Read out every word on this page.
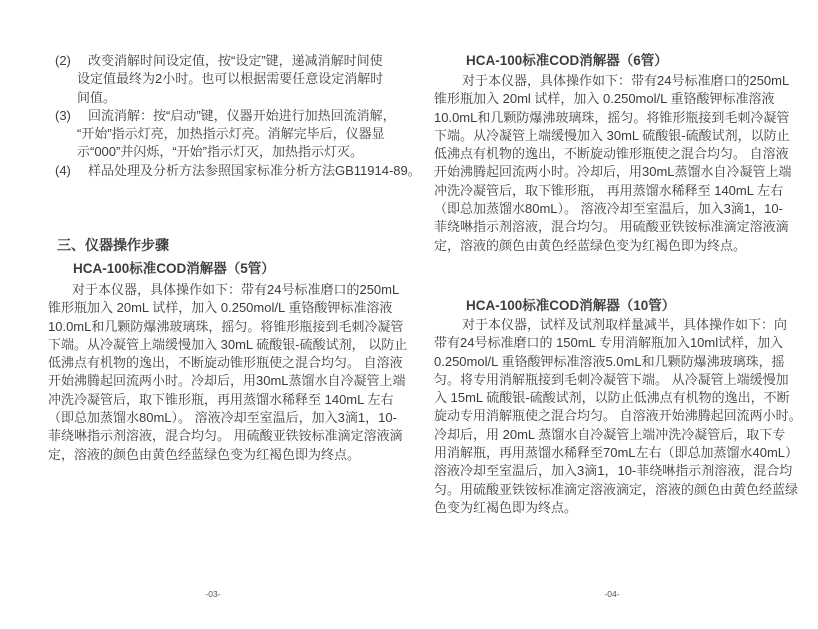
(2) 改变消解时间设定值，按“设定”键，递减消解时间使
设定值最终为2小时。也可以根据需要任意设定消解时
间值。
(3) 回流消解：按“启动”键，仪器开始进行加热回流消解，
“开始”指示灯亮，加热指示灯亮。消解完毕后，仪器显
示“000”并闪烁，“开始”指示灯灭，加热指示灯灭。
(4) 样品处理及分析方法参照国家标准分析方法GB11914-89。
三、仪器操作步骤
HCA-100标准COD消解器（5管）
对于本仪器，具体操作如下：带有24号标准磨口的250mL
锥形瓶加入 20mL 试样，加入 0.250mol/L 重铬酸钾标准溶液
10.0mL和几颗防爆沸玻璃珠，摇匀。将锥形瓶接到毛刺冷凝管
下端。从冷凝管上端缓慢加入 30mL 硫酸银-硫酸试剂， 以防止
低沸点有机物的逸出，不断旋动锥形瓶使之混合均匀。 自溶液
开始沸腾起回流两小时。冷却后，用30mL蒸馏水自冷凝管上端
冲洗冷凝管后，取下锥形瓶，再用蒸馏水稀释至 140mL 左右
（即总加蒸馏水80mL）。 溶液冷却至室温后，加入3滴1，10-
菲绕啉指示剂溶液，混合均匀。 用硫酸亚铁铵标准滴定溶液滴
定，溶液的颜色由黄色经蓝绿色变为红褐色即为终点。
-03-
HCA-100标准COD消解器（6管）
对于本仪器，具体操作如下：带有24号标准磨口的250mL
锥形瓶加入 20ml 试样，加入 0.250mol/L 重铬酸钾标准溶液
10.0mL和几颗防爆沸玻璃珠，摇匀。将锥形瓶接到毛刺冷凝管
下端。从冷凝管上端缓慢加入 30mL 硫酸银-硫酸试剂，以防止
低沸点有机物的逸出，不断旋动锥形瓶使之混合均匀。 自溶液
开始沸腾起回流两小时。冷却后，用30mL蒸馏水自冷凝管上端
冲洗冷凝管后，取下锥形瓶， 再用蒸馏水稀释至 140mL 左右
（即总加蒸馏水80mL）。 溶液冷却至室温后，加入3滴1，10-
菲绕啉指示剂溶液，混合均匀。 用硫酸亚铁铵标准滴定溶液滴
定，溶液的颜色由黄色经蓝绿色变为红褐色即为终点。
HCA-100标准COD消解器（10管）
对于本仪器，试样及试剂取样量减半，具体操作如下：向
带有24号标准磨口的 150mL 专用消解瓶加入10ml试样，加入
0.250mol/L 重铬酸钾标准溶液5.0mL和几颗防爆沸玻璃珠，摇
匀。将专用消解瓶接到毛刺冷凝管下端。 从冷凝管上端缓慢加
入 15mL 硫酸银-硫酸试剂，以防止低沸点有机物的逸出，不断
旋动专用消解瓶使之混合均匀。 自溶液开始沸腾起回流两小时。
冷却后，用 20mL 蒸馏水自冷凝管上端冲洗冷凝管后，取下专
用消解瓶，再用蒸馏水稀释至70mL左右（即总加蒸馏水40mL）
溶液冷却至室温后，加入3滴1，10-菲绕啉指示剂溶液，混合均
匀。用硫酸亚铁铵标准滴定溶液滴定，溶液的颜色由黄色经蓝绿
色变为红褐色即为终点。
-04-
